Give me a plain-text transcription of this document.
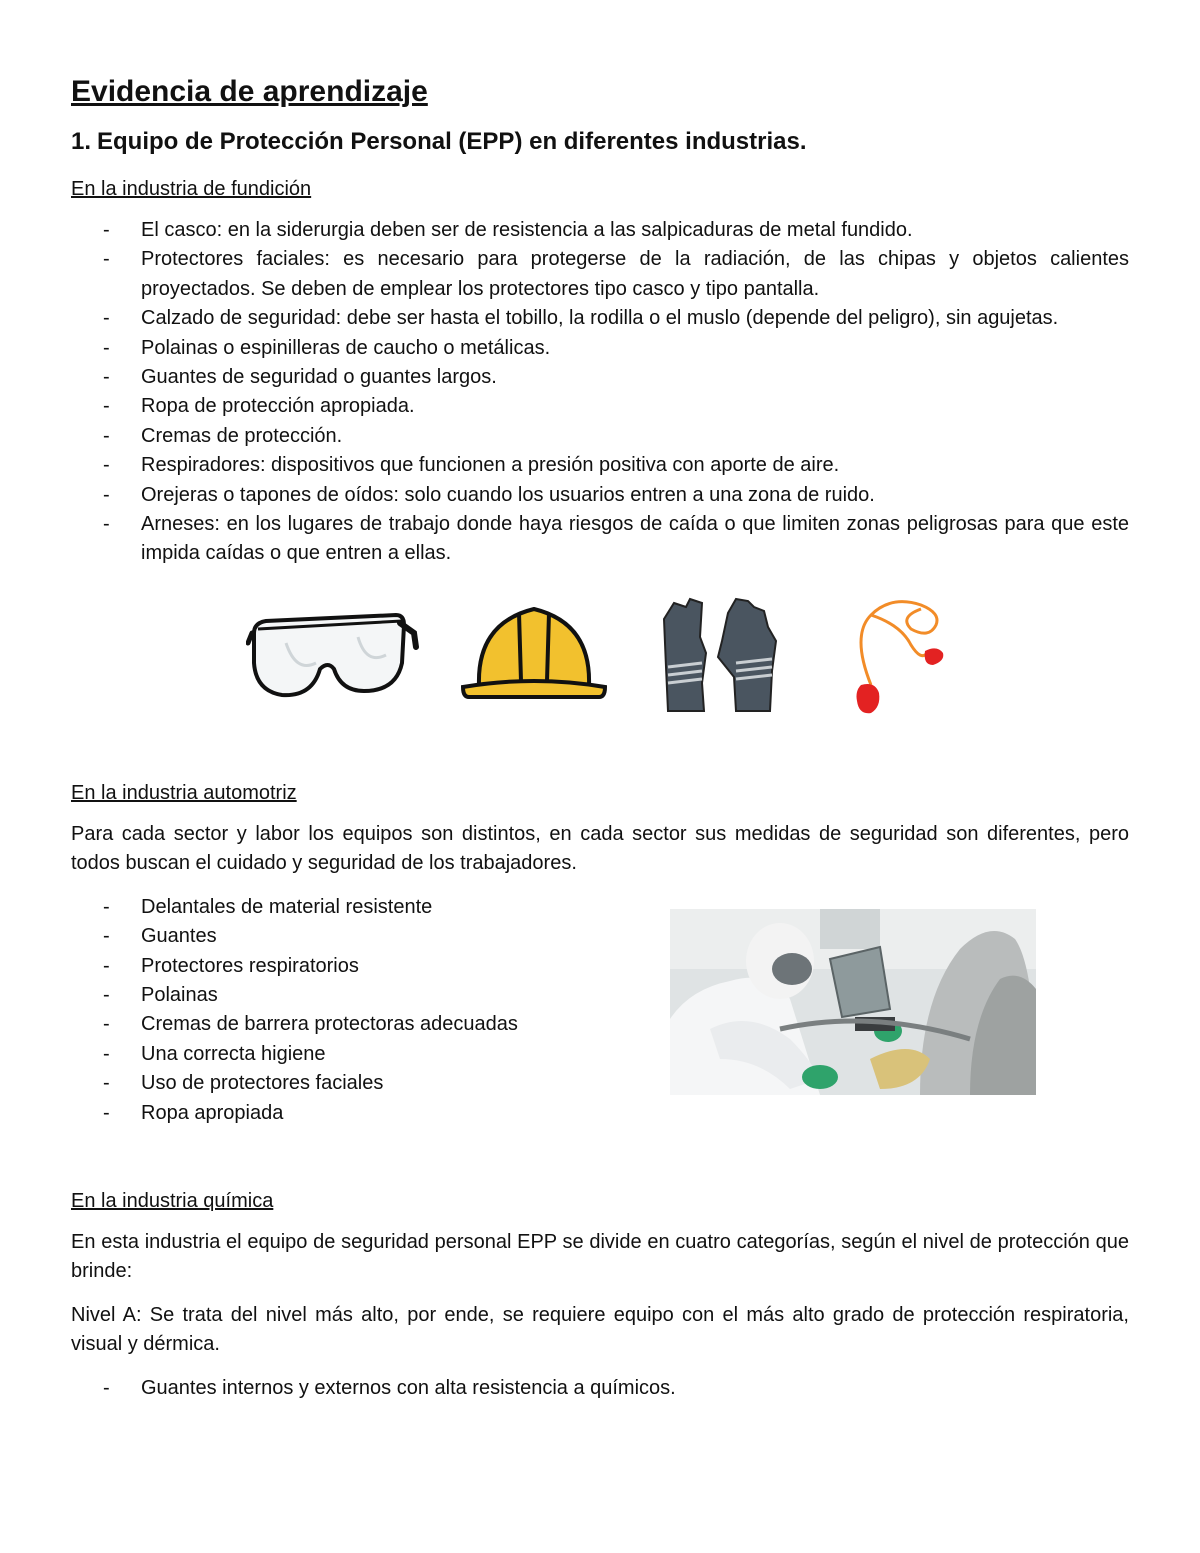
Evidencia de aprendizaje
1. Equipo de Protección Personal (EPP) en diferentes industrias.
En la industria de fundición
- El casco: en la siderurgia deben ser de resistencia a las salpicaduras de metal fundido.
- Protectores faciales: es necesario para protegerse de la radiación, de las chipas y objetos calientes proyectados. Se deben de emplear los protectores tipo casco y tipo pantalla.
- Calzado de seguridad: debe ser hasta el tobillo, la rodilla o el muslo (depende del peligro), sin agujetas.
- Polainas o espinilleras de caucho o metálicas.
- Guantes de seguridad o guantes largos.
- Ropa de protección apropiada.
- Cremas de protección.
- Respiradores: dispositivos que funcionen a presión positiva con aporte de aire.
- Orejeras o tapones de oídos: solo cuando los usuarios entren a una zona de ruido.
- Arneses: en los lugares de trabajo donde haya riesgos de caída o que limiten zonas peligrosas para que este impida caídas o que entren a ellas.
En la industria automotriz

Para cada sector y labor los equipos son distintos, en cada sector sus medidas de seguridad son diferentes, pero todos buscan el cuidado y seguridad de los trabajadores.

- Delantales de material resistente
- Guantes
- Protectores respiratorios
- Polainas
- Cremas de barrera protectoras adecuadas
- Una correcta higiene
- Uso de protectores faciales
- Ropa apropiada
En la industria química

En esta industria el equipo de seguridad personal EPP se divide en cuatro categorías, según el nivel de protección que brinde:

Nivel A: Se trata del nivel más alto, por ende, se requiere equipo con el más alto grado de protección respiratoria, visual y dérmica.

- Guantes internos y externos con alta resistencia a químicos.
